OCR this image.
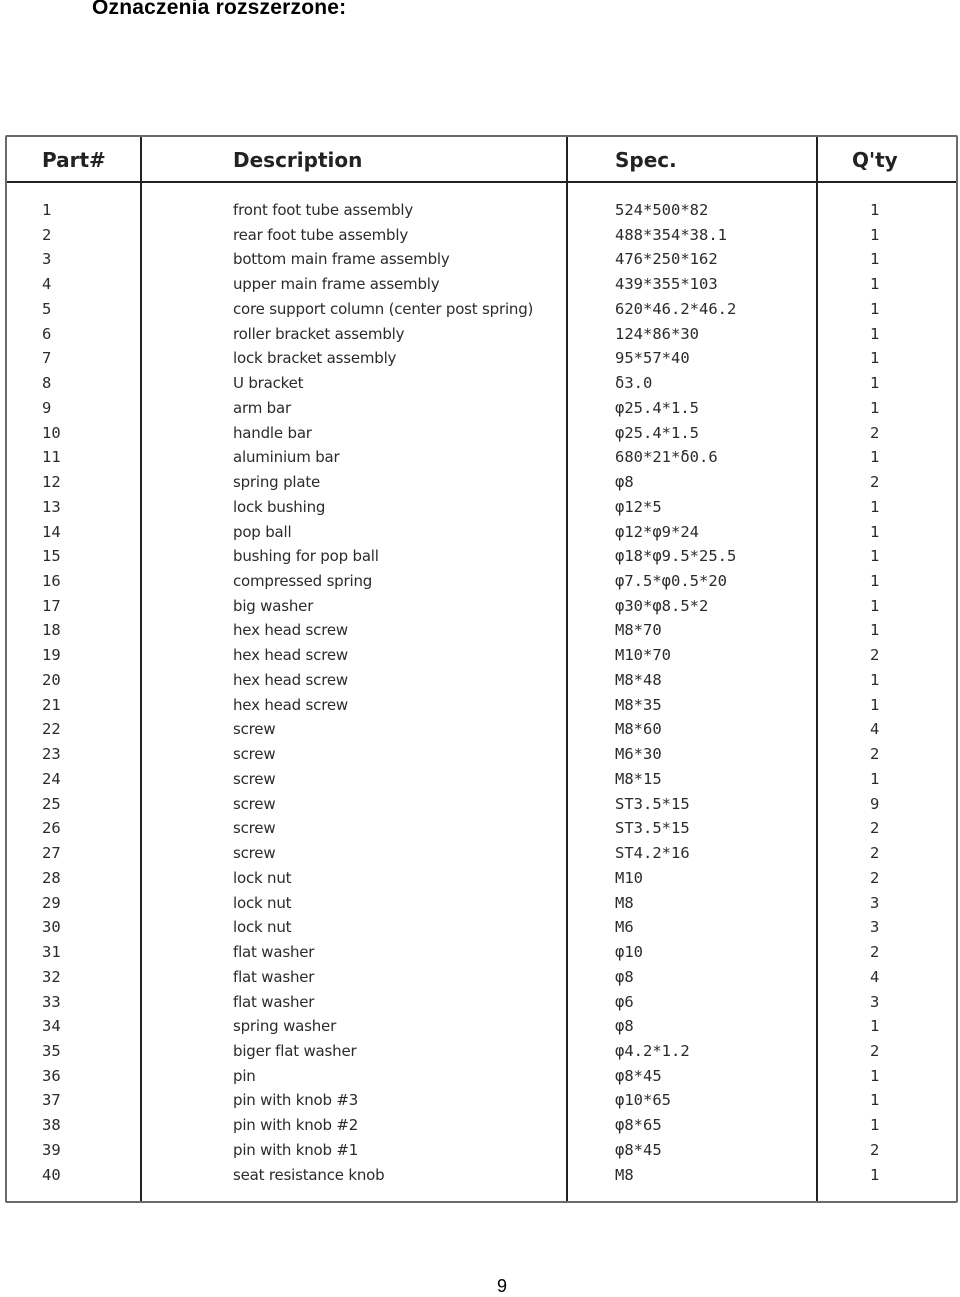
Oznaczenia rozszerzone:
Part#	Description	Spec.	Q'ty
1	front foot tube assembly	524*500*82	1
2	rear foot tube assembly	488*354*38.1	1
3	bottom main frame assembly	476*250*162	1
4	upper main frame assembly	439*355*103	1
5	core support column (center post spring)	620*46.2*46.2	1
6	roller bracket assembly	124*86*30	1
7	lock bracket assembly	95*57*40	1
8	U bracket	δ3.0	1
9	arm bar	φ25.4*1.5	1
10	handle bar	φ25.4*1.5	2
11	aluminium bar	680*21*δ0.6	1
12	spring plate	φ8	2
13	lock bushing	φ12*5	1
14	pop ball	φ12*φ9*24	1
15	bushing for pop ball	φ18*φ9.5*25.5	1
16	compressed spring	φ7.5*φ0.5*20	1
17	big washer	φ30*φ8.5*2	1
18	hex head screw	M8*70	1
19	hex head screw	M10*70	2
20	hex head screw	M8*48	1
21	hex head screw	M8*35	1
22	screw	M8*60	4
23	screw	M6*30	2
24	screw	M8*15	1
25	screw	ST3.5*15	9
26	screw	ST3.5*15	2
27	screw	ST4.2*16	2
28	lock nut	M10	2
29	lock nut	M8	3
30	lock nut	M6	3
31	flat washer	φ10	2
32	flat washer	φ8	4
33	flat washer	φ6	3
34	spring washer	φ8	1
35	biger flat washer	φ4.2*1.2	2
36	pin	φ8*45	1
37	pin with knob #3	φ10*65	1
38	pin with knob #2	φ8*65	1
39	pin with knob #1	φ8*45	2
40	seat resistance knob	M8	1
9
